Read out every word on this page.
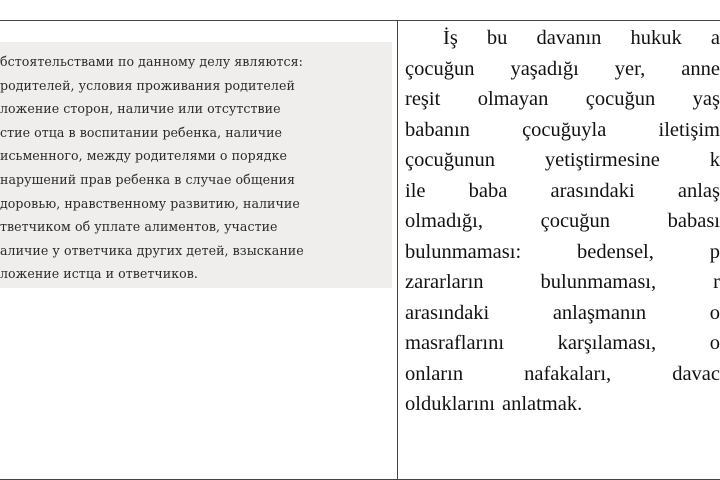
бстоятельствами по данному делу являются:
родителей, условия проживания родителей
ложение сторон, наличие или отсутствие
стие отца в воспитании ребенка, наличие
исьменного, между родителями о порядке
нарушений прав ребенка в случае общения
доровью, нравственному развитию, наличие
тветчиком об уплате алиментов, участие
аличие у ответчика других детей, взыскание
ложение истца и ответчиков.
İş bu davanın hukuk a
çocuğun yaşadığı yer, anne
reşit olmayan çocuğun yaş
babanın	çocuğuyla	iletişim
çocuğunun yetiştirmesine k
ile baba arasındaki anlaş
olmadığı,	çocuğun	babası
bulunmaması:	bedensel,	p
zararların	bulunmaması,	r
arasındaki	anlaşmanın	o
masraflarını	karşılaması,	o
onların	nafakaları,	davac
olduklarını anlatmak.
